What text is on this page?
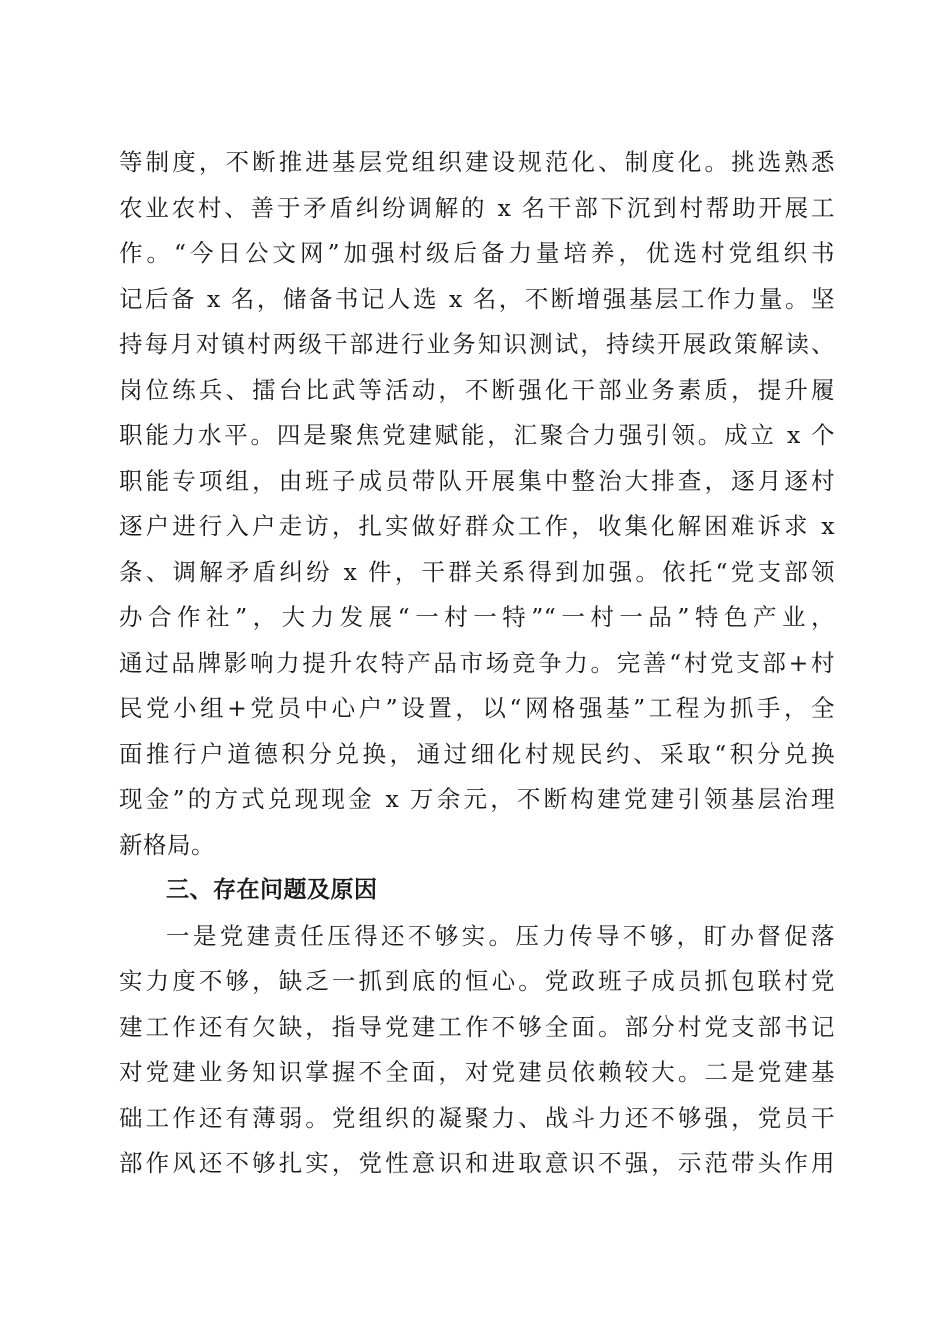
等制度，不断推进基层党组织建设规范化、制度化。挑选熟悉
农业农村、善于矛盾纠纷调解的 x 名干部下沉到村帮助开展工
作。“今日公文网”加强村级后备力量培养，优选村党组织书
记后备 x 名，储备书记人选 x 名，不断增强基层工作力量。坚
持每月对镇村两级干部进行业务知识测试，持续开展政策解读、
岗位练兵、擂台比武等活动，不断强化干部业务素质，提升履
职能力水平。四是聚焦党建赋能，汇聚合力强引领。成立 x 个
职能专项组，由班子成员带队开展集中整治大排查，逐月逐村
逐户进行入户走访，扎实做好群众工作，收集化解困难诉求 x
条、调解矛盾纠纷 x 件，干群关系得到加强。依托“党支部领
办合作社”，大力发展“一村一特”“一村一品”特色产业，
通过品牌影响力提升农特产品市场竞争力。完善“村党支部+村
民党小组+党员中心户”设置，以“网格强基”工程为抓手，全
面推行户道德积分兑换，通过细化村规民约、采取“积分兑换
现金”的方式兑现现金 x 万余元，不断构建党建引领基层治理
新格局。
三、存在问题及原因
一是党建责任压得还不够实。压力传导不够，盯办督促落
实力度不够，缺乏一抓到底的恒心。党政班子成员抓包联村党
建工作还有欠缺，指导党建工作不够全面。部分村党支部书记
对党建业务知识掌握不全面，对党建员依赖较大。二是党建基
础工作还有薄弱。党组织的凝聚力、战斗力还不够强，党员干
部作风还不够扎实，党性意识和进取意识不强，示范带头作用
